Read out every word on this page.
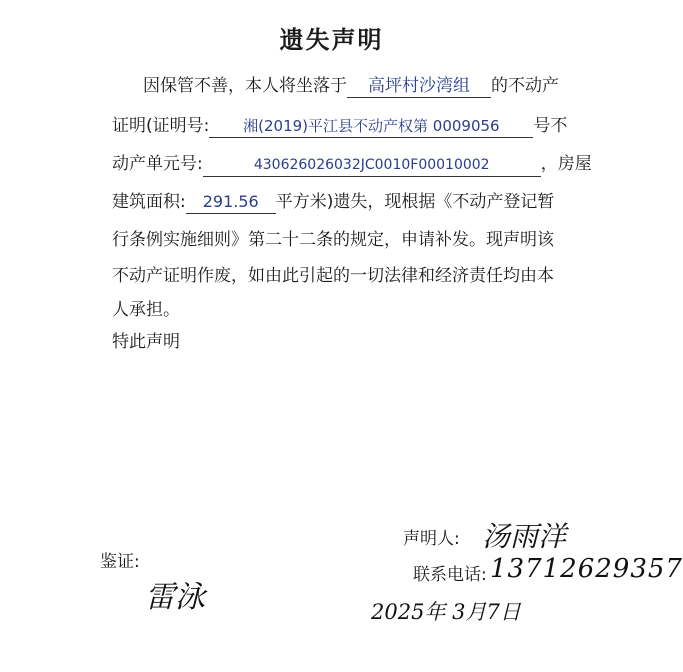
遗失声明
因保管不善，本人将坐落于 高坪村沙湾组 的不动产
证明(证明号: 湘(2019)平江县不动产权第 0009056 号不
动产单元号:	430626026032JC0010F00010002	，房屋
建筑面积: 291.56 平方米)遗失，现根据《不动产登记暂
行条例实施细则》第二十二条的规定，申请补发。现声明该
不动产证明作废，如由此引起的一切法律和经济责任均由本
人承担。
特此声明
声明人: 汤雨洋
联系电话: 13712629357
2025年 3月7日
鉴证:
雷泳
